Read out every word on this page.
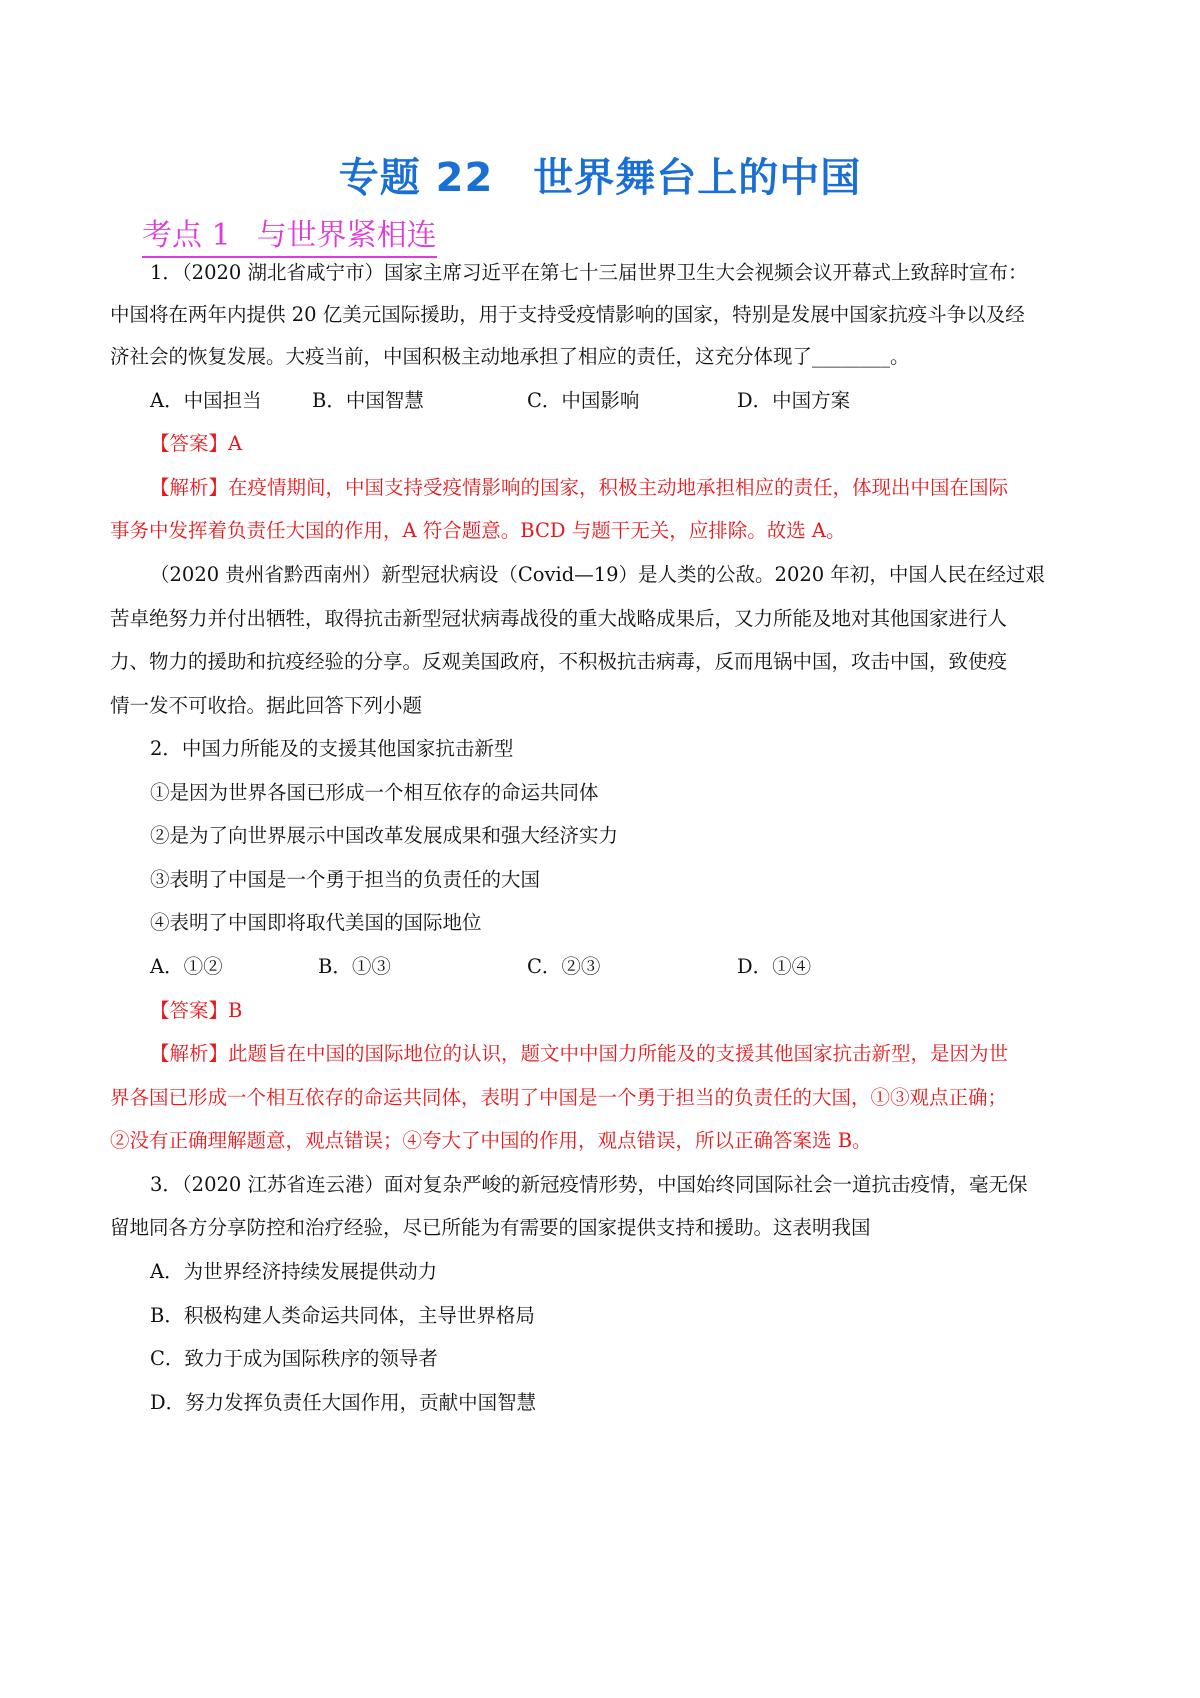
专题 22 世界舞台上的中国
考点 1 与世界紧相连
1．（2020 湖北省咸宁市）国家主席习近平在第七十三届世界卫生大会视频会议开幕式上致辞时宣布：
中国将在两年内提供 20 亿美元国际援助，用于支持受疫情影响的国家，特别是发展中国家抗疫斗争以及经
济社会的恢复发展。大疫当前，中国积极主动地承担了相应的责任，这充分体现了________。
A．中国担当	B．中国智慧	C．中国影响	D．中国方案
【答案】A
【解析】在疫情期间，中国支持受疫情影响的国家，积极主动地承担相应的责任，体现出中国在国际
事务中发挥着负责任大国的作用，A 符合题意。BCD 与题干无关，应排除。故选 A。
（2020 贵州省黔西南州）新型冠状病设（Covid—19）是人类的公敌。2020 年初，中国人民在经过艰
苦卓绝努力并付出牺牲，取得抗击新型冠状病毒战役的重大战略成果后，又力所能及地对其他国家进行人
力、物力的援助和抗疫经验的分享。反观美国政府，不积极抗击病毒，反而甩锅中国，攻击中国，致使疫
情一发不可收拾。据此回答下列小题
2．中国力所能及的支援其他国家抗击新型
①是因为世界各国已形成一个相互依存的命运共同体
②是为了向世界展示中国改革发展成果和强大经济实力
③表明了中国是一个勇于担当的负责任的大国
④表明了中国即将取代美国的国际地位
A．①②	B．①③	C．②③	D．①④
【答案】B
【解析】此题旨在中国的国际地位的认识，题文中中国力所能及的支援其他国家抗击新型，是因为世
界各国已形成一个相互依存的命运共同体，表明了中国是一个勇于担当的负责任的大国，①③观点正确；
②没有正确理解题意，观点错误；④夸大了中国的作用，观点错误，所以正确答案选 B。
3．（2020 江苏省连云港）面对复杂严峻的新冠疫情形势，中国始终同国际社会一道抗击疫情，毫无保
留地同各方分享防控和治疗经验，尽已所能为有需要的国家提供支持和援助。这表明我国
A．为世界经济持续发展提供动力
B．积极构建人类命运共同体，主导世界格局
C．致力于成为国际秩序的领导者
D．努力发挥负责任大国作用，贡献中国智慧
